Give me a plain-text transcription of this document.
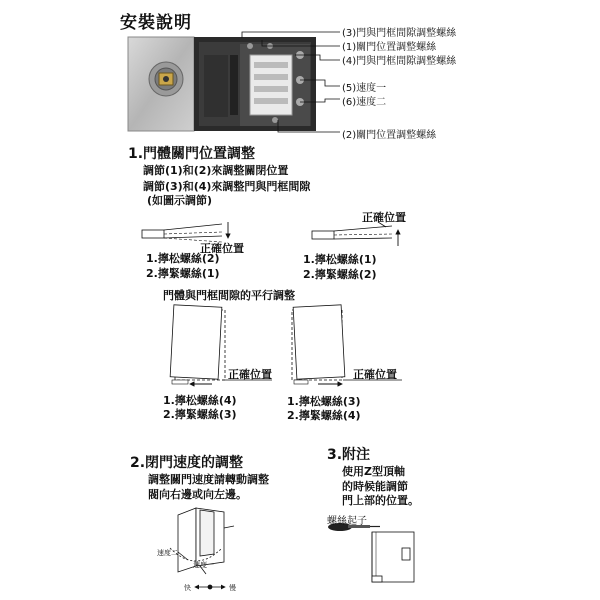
安裝說明
(3)門與門框間隙調整螺絲
(1)關門位置調整螺絲
(4)門與門框間隙調整螺絲
(5)速度一
(6)速度二
(2)關門位置調整螺絲
1.門體關門位置調整
調節(1)和(2)來調整關閉位置
調節(3)和(4)來調整門與門框間隙
(如圖示調節)
正確位置
正確位置
1.擰松螺絲(2)
2.擰緊螺絲(1)
1.擰松螺絲(1)
2.擰緊螺絲(2)
門體與門框間隙的平行調整
正確位置	正確位置
1.擰松螺絲(4)
2.擰緊螺絲(3)
1.擰松螺絲(3)
2.擰緊螺絲(4)
2.閉門速度的調整
調整關門速度請轉動調整
閥向右邊或向左邊。
速度二
速度一
快	慢
3.附注
使用Z型頂軸
的時候能調節
門上部的位置。
螺絲起子
